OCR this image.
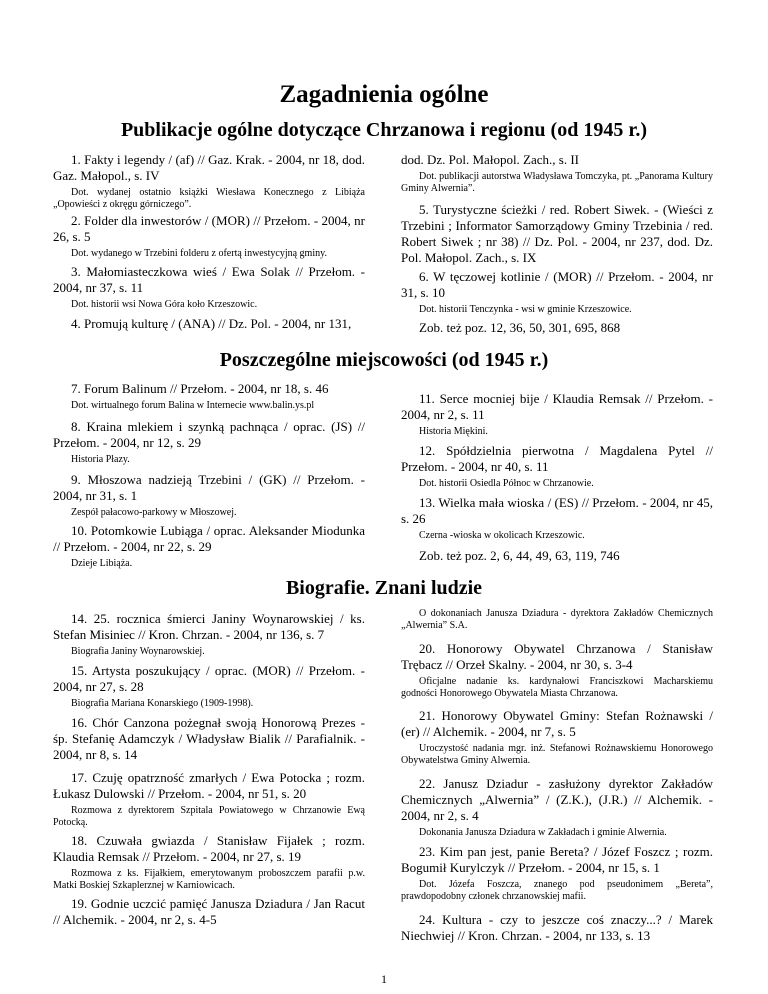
Zagadnienia ogólne
Publikacje ogólne dotyczące Chrzanowa i regionu (od 1945 r.)
Poszczególne miejscowości (od 1945 r.)
Biografie. Znani ludzie
1. Fakty i legendy / (af) // Gaz. Krak. - 2004, nr 18, dod. Gaz. Małopol., s. IV
Dot. wydanej ostatnio książki Wiesława Konecznego z Libiąża „Opowieści z okręgu górniczego”.
2. Folder dla inwestorów / (MOR) // Przełom. - 2004, nr 26, s. 5
Dot. wydanego w Trzebini folderu z ofertą inwestycyjną gminy.
3. Małomiasteczkowa wieś / Ewa Solak // Przełom. - 2004, nr 37, s. 11
Dot. historii wsi Nowa Góra koło Krzeszowic.
4. Promują kulturę / (ANA) // Dz. Pol. - 2004, nr 131,
dod. Dz. Pol. Małopol. Zach., s. II
Dot. publikacji autorstwa Władysława Tomczyka, pt. „Panorama Kultury Gminy Alwernia”.
5. Turystyczne ścieżki / red. Robert Siwek. - (Wieści z Trzebini ; Informator Samorządowy Gminy Trzebinia / red. Robert Siwek ; nr 38) // Dz. Pol. - 2004, nr 237, dod. Dz. Pol. Małopol. Zach., s. IX
6. W tęczowej kotlinie / (MOR) // Przełom. - 2004, nr 31, s. 10
Dot. historii Tenczynka - wsi w gminie Krzeszowice.
Zob. też poz. 12, 36, 50, 301, 695, 868
7. Forum Balinum // Przełom. - 2004, nr 18, s. 46
Dot. wirtualnego forum Balina w Internecie www.balin.ys.pl
8. Kraina mlekiem i szynką pachnąca / oprac. (JS) // Przełom. - 2004, nr 12, s. 29
Historia Płazy.
9. Młoszowa nadzieją Trzebini / (GK) // Przełom. - 2004, nr 31, s. 1
Zespół pałacowo-parkowy w Młoszowej.
10. Potomkowie Lubiąga / oprac. Aleksander Miodunka // Przełom. - 2004, nr 22, s. 29
Dzieje Libiąża.
11. Serce mocniej bije / Klaudia Remsak // Przełom. - 2004, nr 2, s. 11
Historia Miękini.
12. Spółdzielnia pierwotna / Magdalena Pytel // Przełom. - 2004, nr 40, s. 11
Dot. historii Osiedla Północ w Chrzanowie.
13. Wielka mała wioska / (ES) // Przełom. - 2004, nr 45, s. 26
Czerna -wioska w okolicach Krzeszowic.
Zob. też poz. 2, 6, 44, 49, 63, 119, 746
14. 25. rocznica śmierci Janiny Woynarowskiej / ks. Stefan Misiniec // Kron. Chrzan. - 2004, nr 136, s. 7
Biografia Janiny Woynarowskiej.
15. Artysta poszukujący / oprac. (MOR) // Przełom. - 2004, nr 27, s. 28
Biografia Mariana Konarskiego (1909-1998).
16. Chór Canzona pożegnał swoją Honorową Prezes - śp. Stefanię Adamczyk / Władysław Bialik // Parafialnik. - 2004, nr 8, s. 14
17. Czuję opatrzność zmarłych / Ewa Potocka ; rozm. Łukasz Dulowski // Przełom. - 2004, nr 51, s. 20
Rozmowa z dyrektorem Szpitala Powiatowego w Chrzanowie Ewą Potocką.
18. Czuwała gwiazda / Stanisław Fijałek ; rozm. Klaudia Remsak // Przełom. - 2004, nr 27, s. 19
Rozmowa z ks. Fijałkiem, emerytowanym proboszczem parafii p.w. Matki Boskiej Szkaplerznej w Karniowicach.
19. Godnie uczcić pamięć Janusza Dziadura / Jan Racut // Alchemik. - 2004, nr 2, s. 4-5
O dokonaniach Janusza Dziadura - dyrektora Zakładów Chemicznych „Alwernia” S.A.
20. Honorowy Obywatel Chrzanowa / Stanisław Trębacz // Orzeł Skalny. - 2004, nr 30, s. 3-4
Oficjalne nadanie ks. kardynałowi Franciszkowi Macharskiemu godności Honorowego Obywatela Miasta Chrzanowa.
21. Honorowy Obywatel Gminy: Stefan Rożnawski / (er) // Alchemik. - 2004, nr 7, s. 5
Uroczystość nadania mgr. inż. Stefanowi Rożnawskiemu Honorowego Obywatelstwa Gminy Alwernia.
22. Janusz Dziadur - zasłużony dyrektor Zakładów Chemicznych „Alwernia” / (Z.K.), (J.R.) // Alchemik. - 2004, nr 2, s. 4
Dokonania Janusza Dziadura w Zakładach i gminie Alwernia.
23. Kim pan jest, panie Bereta? / Józef Foszcz ; rozm. Bogumił Kurylczyk // Przełom. - 2004, nr 15, s. 1
Dot. Józefa Foszcza, znanego pod pseudonimem „Bereta”, prawdopodobny członek chrzanowskiej mafii.
24. Kultura - czy to jeszcze coś znaczy...? / Marek Niechwiej // Kron. Chrzan. - 2004, nr 133, s. 13
1
